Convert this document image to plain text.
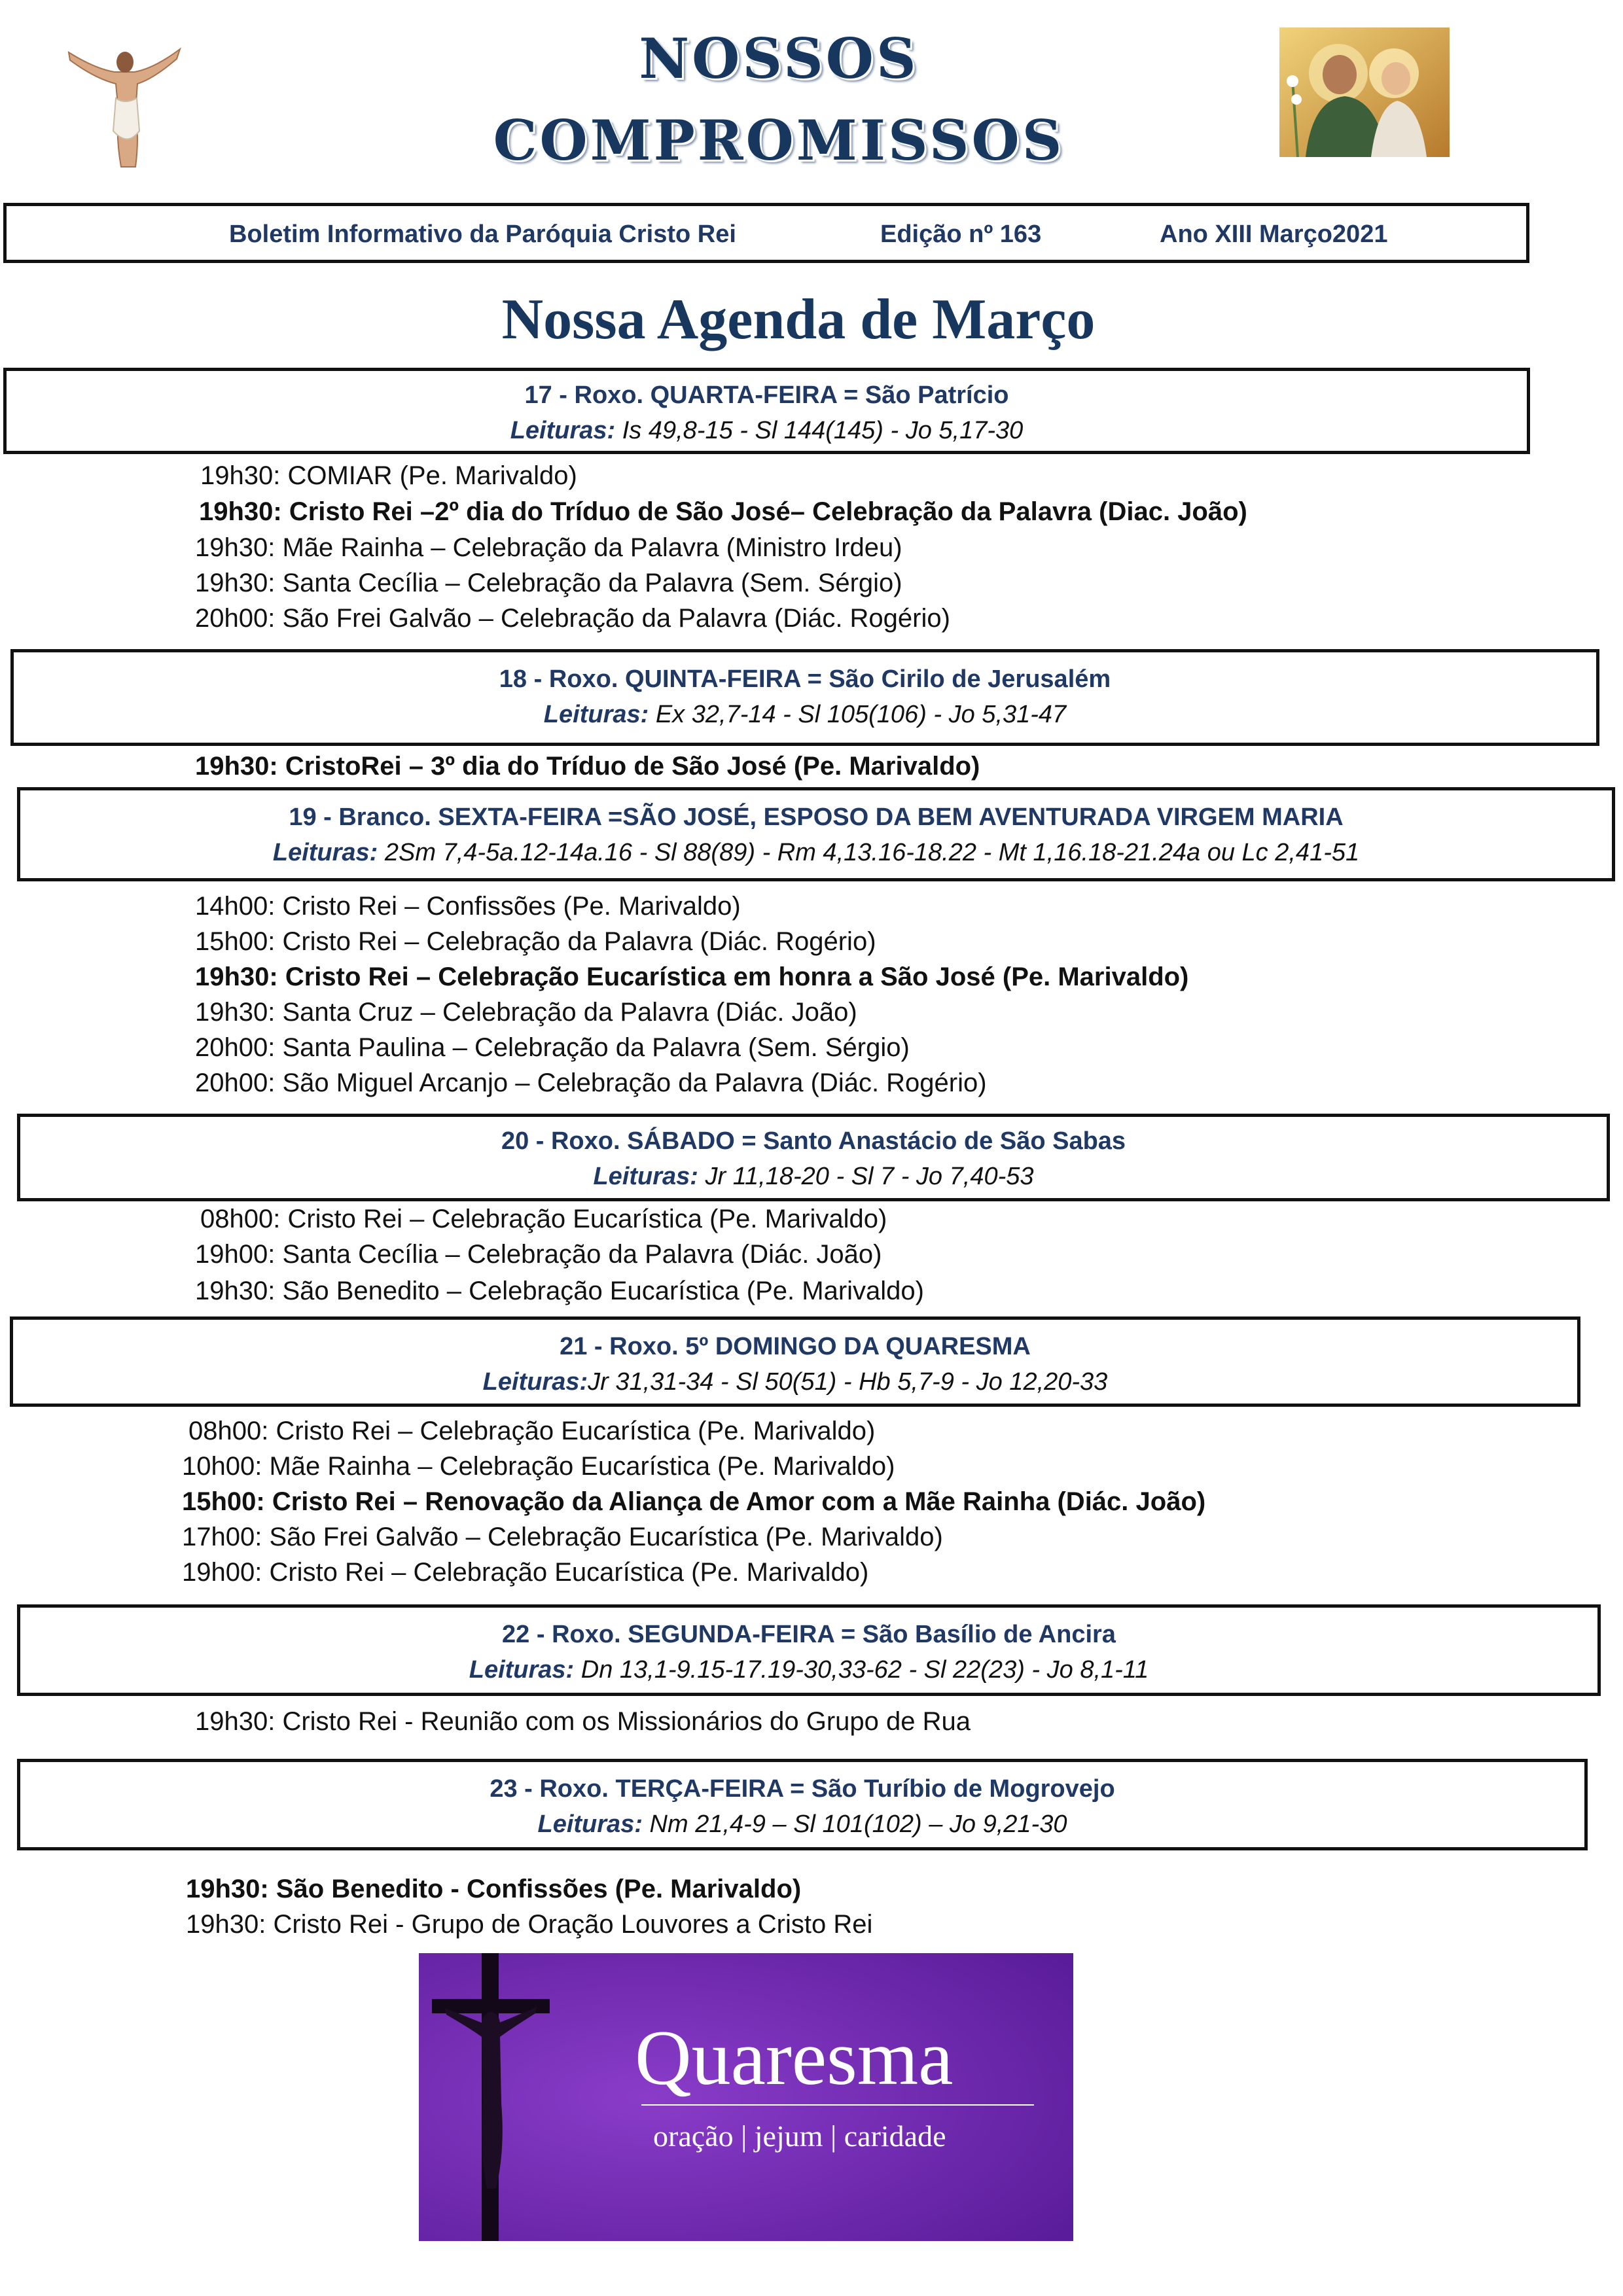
NOSSOS
COMPROMISSOS
Boletim Informativo da Paróquia Cristo Rei	Edição nº 163	Ano XIII Março2021
Nossa Agenda de Março
17 - Roxo. QUARTA-FEIRA = São Patrício
Leituras: Is 49,8-15 - Sl 144(145) - Jo 5,17-30
19h30: COMIAR (Pe. Marivaldo)
19h30: Cristo Rei –2º dia do Tríduo de São José– Celebração da Palavra (Diac. João)
19h30: Mãe Rainha – Celebração da Palavra (Ministro Irdeu)
19h30: Santa Cecília – Celebração da Palavra (Sem. Sérgio)
20h00: São Frei Galvão – Celebração da Palavra (Diác. Rogério)
18 - Roxo. QUINTA-FEIRA = São Cirilo de Jerusalém
Leituras: Ex 32,7-14 - Sl 105(106) - Jo 5,31-47
19h30: CristoRei – 3º dia do Tríduo de São José (Pe. Marivaldo)
19 - Branco. SEXTA-FEIRA =SÃO JOSÉ, ESPOSO DA BEM AVENTURADA VIRGEM MARIA
Leituras: 2Sm 7,4-5a.12-14a.16 - Sl 88(89) - Rm 4,13.16-18.22 - Mt 1,16.18-21.24a ou Lc 2,41-51
14h00: Cristo Rei – Confissões (Pe. Marivaldo)
15h00: Cristo Rei – Celebração da Palavra (Diác. Rogério)
19h30: Cristo Rei – Celebração Eucarística em honra a São José (Pe. Marivaldo)
19h30: Santa Cruz – Celebração da Palavra (Diác. João)
20h00: Santa Paulina – Celebração da Palavra (Sem. Sérgio)
20h00: São Miguel Arcanjo – Celebração da Palavra (Diác. Rogério)
20 - Roxo. SÁBADO = Santo Anastácio de São Sabas
Leituras: Jr 11,18-20 - Sl 7 - Jo 7,40-53
08h00: Cristo Rei – Celebração Eucarística (Pe. Marivaldo)
19h00: Santa Cecília – Celebração da Palavra (Diác. João)
19h30: São Benedito – Celebração Eucarística (Pe. Marivaldo)
21 - Roxo. 5º DOMINGO DA QUARESMA
Leituras:Jr 31,31-34 - Sl 50(51) - Hb 5,7-9 - Jo 12,20-33
08h00: Cristo Rei – Celebração Eucarística (Pe. Marivaldo)
10h00: Mãe Rainha – Celebração Eucarística (Pe. Marivaldo)
15h00: Cristo Rei – Renovação da Aliança de Amor com a Mãe Rainha (Diác. João)
17h00: São Frei Galvão – Celebração Eucarística (Pe. Marivaldo)
19h00: Cristo Rei – Celebração Eucarística (Pe. Marivaldo)
22 - Roxo. SEGUNDA-FEIRA = São Basílio de Ancira
Leituras: Dn 13,1-9.15-17.19-30,33-62 - Sl 22(23) - Jo 8,1-11
19h30: Cristo Rei - Reunião com os Missionários do Grupo de Rua
23 - Roxo. TERÇA-FEIRA = São Turíbio de Mogrovejo
Leituras: Nm 21,4-9 – Sl 101(102) – Jo 9,21-30
19h30: São Benedito - Confissões (Pe. Marivaldo)
19h30: Cristo Rei - Grupo de Oração Louvores a Cristo Rei
Quaresma
oração | jejum | caridade
